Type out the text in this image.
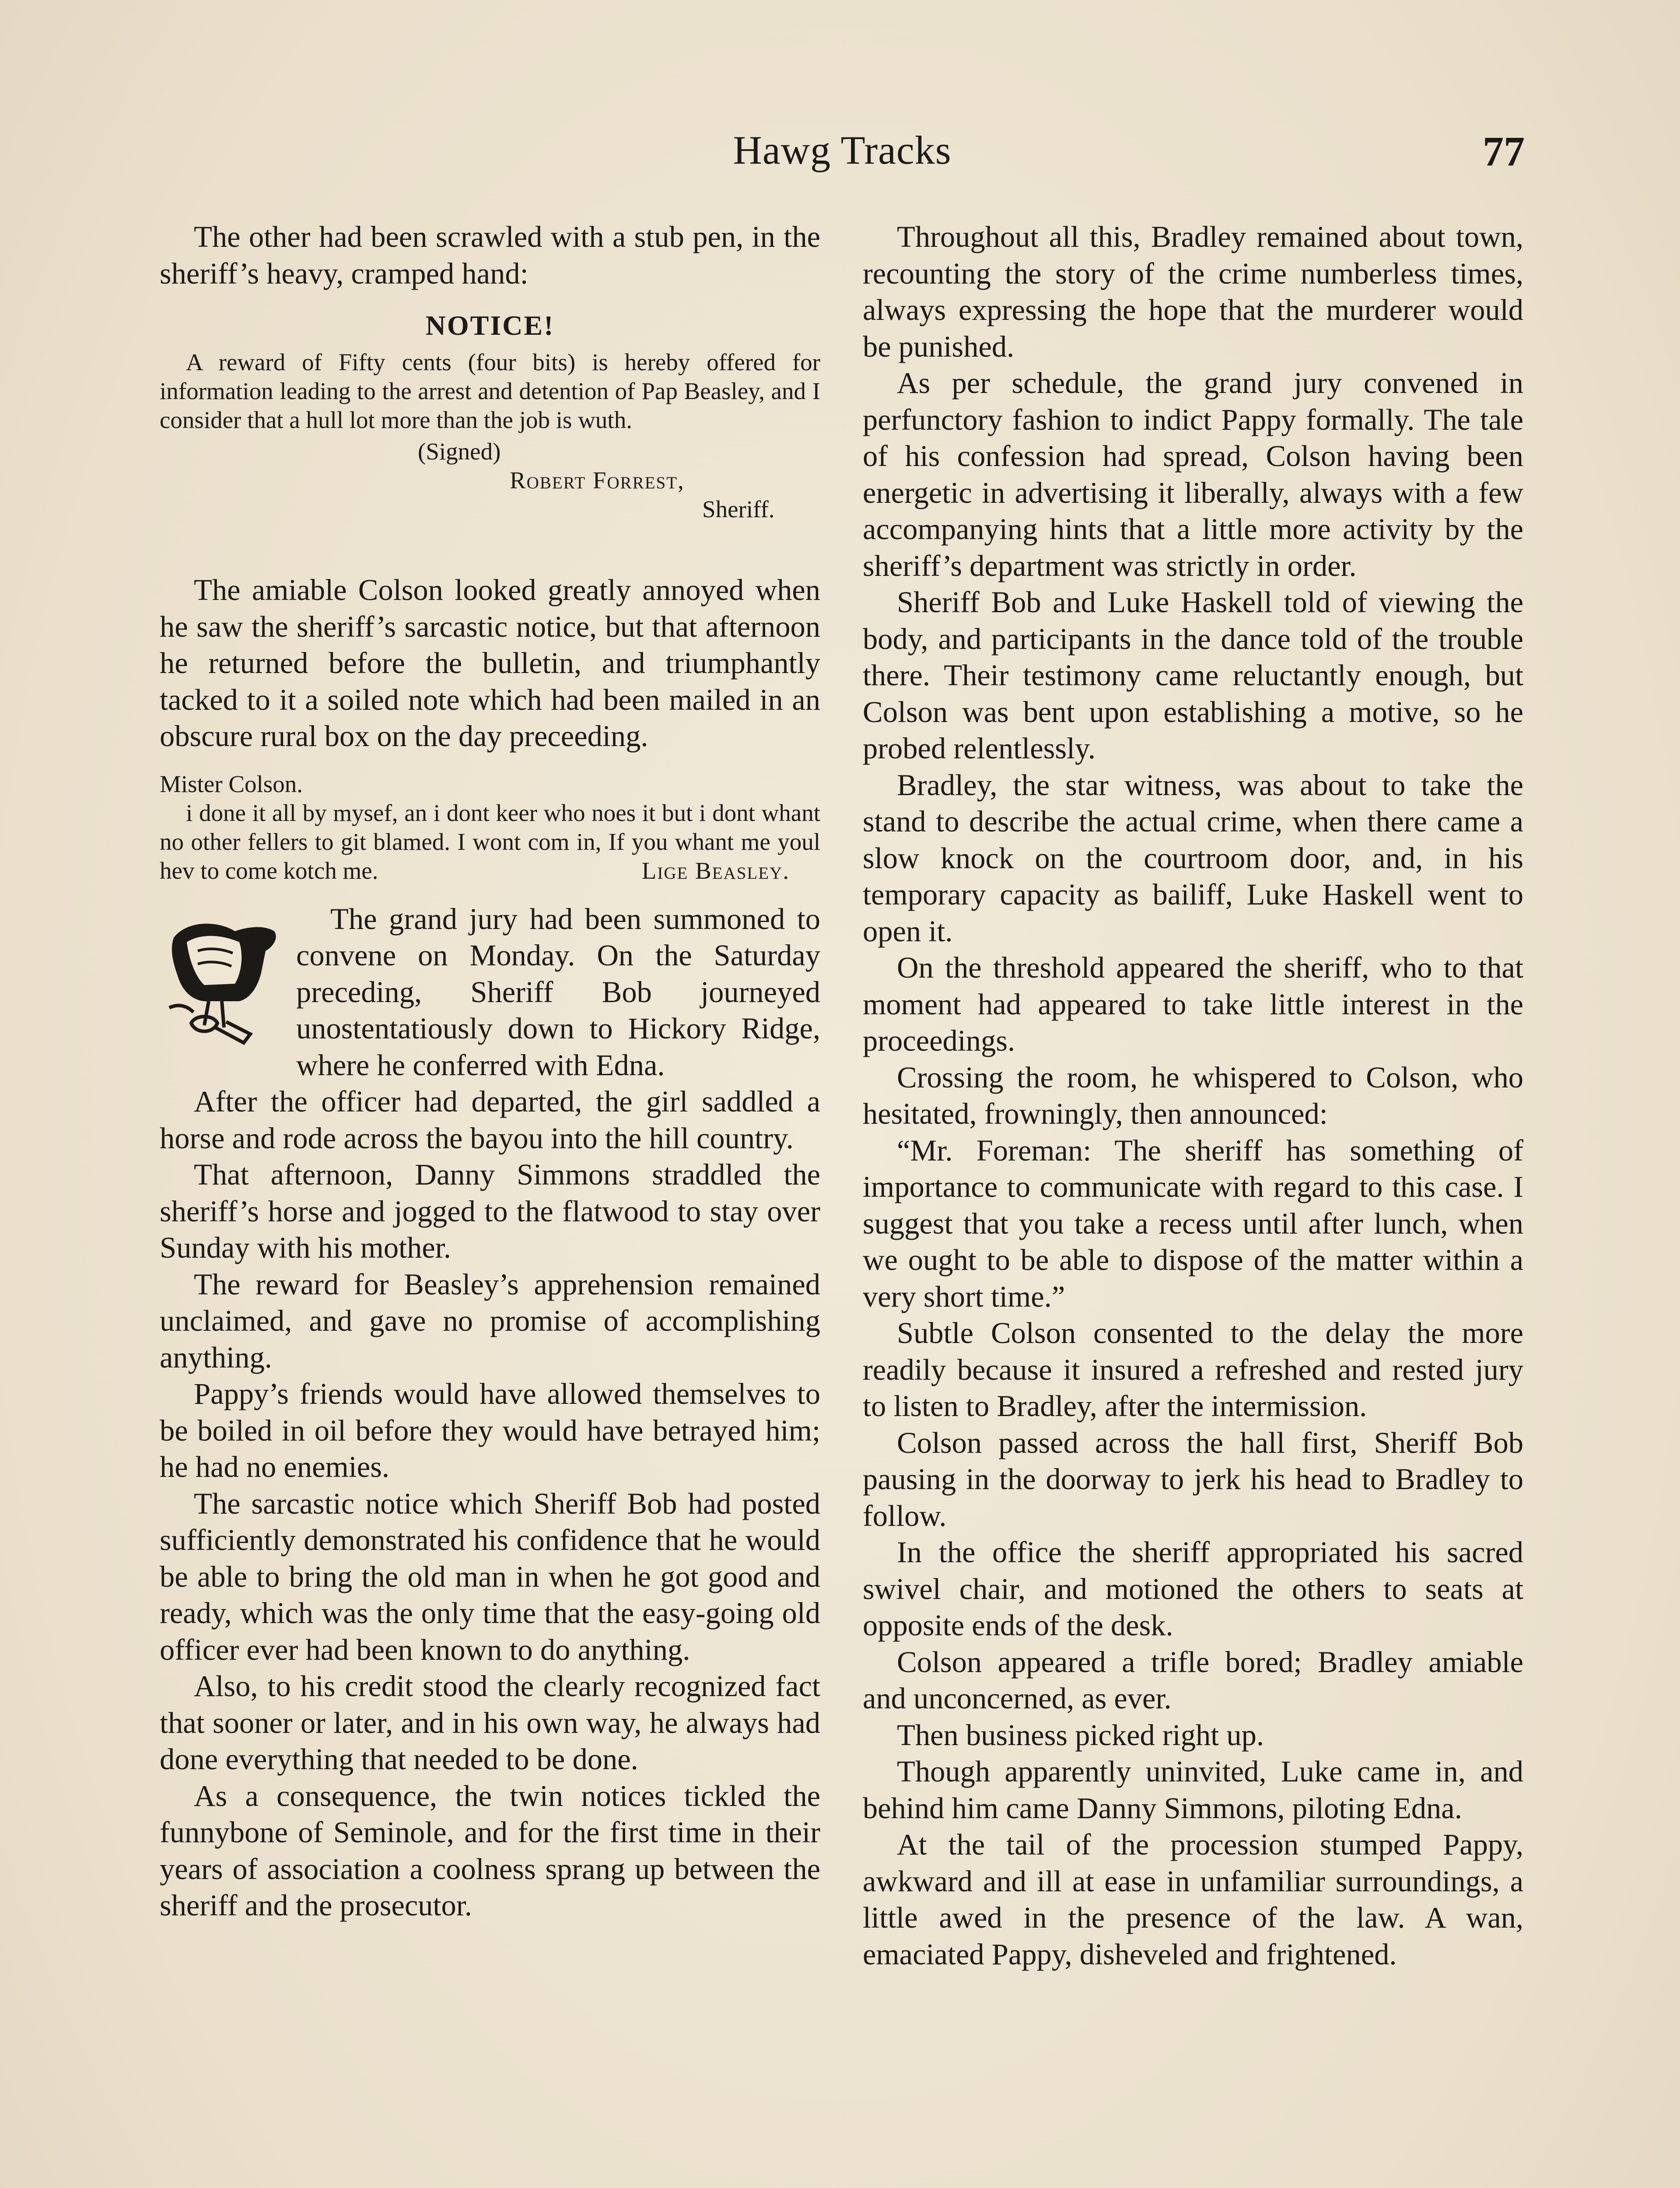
Hawg Tracks	77

The other had been scrawled with a stub pen, in the sheriff’s heavy, cramped hand:

NOTICE!
A reward of Fifty cents (four bits) is hereby offered for information leading to the arrest and detention of Pap Beasley, and I consider that a hull lot more than the job is wuth.
(Signed)
Robert Forrest,
Sheriff.

The amiable Colson looked greatly annoyed when he saw the sheriff’s sarcastic notice, but that afternoon he returned before the bulletin, and triumphantly tacked to it a soiled note which had been mailed in an obscure rural box on the day preceeding.

Mister Colson.
i done it all by mysef, an i dont keer who noes it but i dont whant no other fellers to git blamed. I wont com in, If you whant me youl hev to come kotch me.	Lige Beasley.

The grand jury had been summoned to convene on Monday. On the Saturday preceding, Sheriff Bob journeyed unostentatiously down to Hickory Ridge, where he conferred with Edna.

After the officer had departed, the girl saddled a horse and rode across the bayou into the hill country.

That afternoon, Danny Simmons straddled the sheriff’s horse and jogged to the flatwood to stay over Sunday with his mother.

The reward for Beasley’s apprehension remained unclaimed, and gave no promise of accomplishing anything.

Pappy’s friends would have allowed themselves to be boiled in oil before they would have betrayed him; he had no enemies.

The sarcastic notice which Sheriff Bob had posted sufficiently demonstrated his confidence that he would be able to bring the old man in when he got good and ready, which was the only time that the easy-going old officer ever had been known to do anything.

Also, to his credit stood the clearly recognized fact that sooner or later, and in his own way, he always had done everything that needed to be done.

As a consequence, the twin notices tickled the funnybone of Seminole, and for the first time in their years of association a coolness sprang up between the sheriff and the prosecutor.

Throughout all this, Bradley remained about town, recounting the story of the crime numberless times, always expressing the hope that the murderer would be punished.

As per schedule, the grand jury convened in perfunctory fashion to indict Pappy formally. The tale of his confession had spread, Colson having been energetic in advertising it liberally, always with a few accompanying hints that a little more activity by the sheriff’s department was strictly in order.

Sheriff Bob and Luke Haskell told of viewing the body, and participants in the dance told of the trouble there. Their testimony came reluctantly enough, but Colson was bent upon establishing a motive, so he probed relentlessly.

Bradley, the star witness, was about to take the stand to describe the actual crime, when there came a slow knock on the courtroom door, and, in his temporary capacity as bailiff, Luke Haskell went to open it.

On the threshold appeared the sheriff, who to that moment had appeared to take little interest in the proceedings.

Crossing the room, he whispered to Colson, who hesitated, frowningly, then announced:

“Mr. Foreman: The sheriff has something of importance to communicate with regard to this case. I suggest that you take a recess until after lunch, when we ought to be able to dispose of the matter within a very short time.”

Subtle Colson consented to the delay the more readily because it insured a refreshed and rested jury to listen to Bradley, after the intermission.

Colson passed across the hall first, Sheriff Bob pausing in the doorway to jerk his head to Bradley to follow.

In the office the sheriff appropriated his sacred swivel chair, and motioned the others to seats at opposite ends of the desk.

Colson appeared a trifle bored; Bradley amiable and unconcerned, as ever.

Then business picked right up.

Though apparently uninvited, Luke came in, and behind him came Danny Simmons, piloting Edna.

At the tail of the procession stumped Pappy, awkward and ill at ease in unfamiliar surroundings, a little awed in the presence of the law. A wan, emaciated Pappy, disheveled and frightened.
